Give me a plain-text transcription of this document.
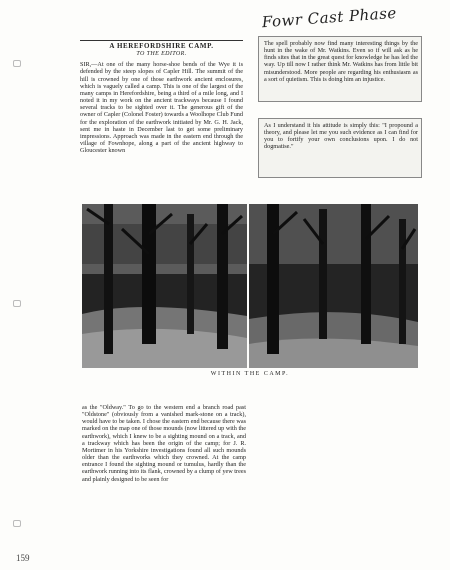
Fowr Cast Phase
A HEREFORDSHIRE CAMP.
TO THE EDITOR.

SIR,—At one of the many horse-shoe bends of the Wye it is defended by the steep slopes of Capler Hill. The summit of the hill is crowned by one of those earthwork ancient enclosures, which is vaguely called a camp. This is one of the largest of the many camps in Herefordshire, being a third of a mile long, and I noted it in my work on the ancient trackways because I found several tracks to be sighted over it. The generous gift of the owner of Capler (Colonel Foster) towards a Woolhope Club Fund for the exploration of the earthwork initiated by Mr. G. H. Jack, sent me in haste in December last to get some preliminary impressions. Approach was made in the eastern end through the village of Fownhope, along a part of the ancient highway to Gloucester known

The spell probably now find many interesting things by the hunt in the wake of Mr. Watkins. Even so if will ask as he finds sites that in the great quest for knowledge he has led the way. Up till now I rather think Mr. Watkins has from little bit misunderstood. More people are regarding his enthusiasm as a sort of quietism. This is doing him an injustice.

As I understand it his attitude is simply this: "I propound a theory, and please let me you such evidence as I can find for you to fortify your own conclusions upon. I do not dogmatise."

WITHIN THE CAMP.

as the "Oldway." To go to the western end a branch road past "Oldstone" (obviously from a vanished mark-stone on a track), would have to be taken. I chose the eastern end because there was marked on the map one of those mounds (now littered up with the earthwork), which I knew to be a sighting mound on a track, and a trackway which has been the origin of the camp; for J. R. Mortimer in his Yorkshire investigations found all such mounds older than the earthworks which they crowned. At the camp entrance I found the sighting mound or tumulus, hardly than the earthwork running into its flank, crowned by a clump of yew trees and plainly designed to be seen for

159
